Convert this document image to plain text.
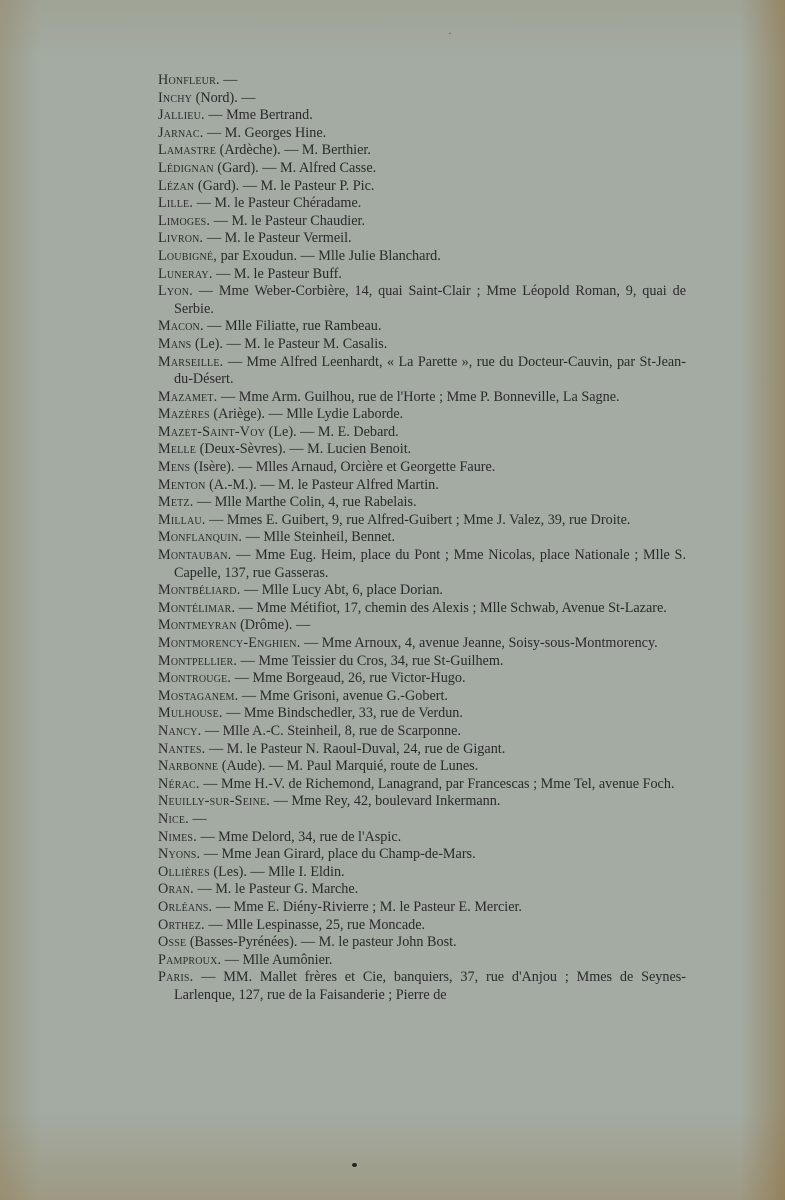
·

Honfleur. —

Inchy (Nord). —

Jallieu. — Mme Bertrand.

Jarnac. — M. Georges Hine.

Lamastre (Ardèche). — M. Berthier.

Lédignan (Gard). — M. Alfred Casse.

Lézan (Gard). — M. le Pasteur P. Pic.

Lille. — M. le Pasteur Chéradame.

Limoges. — M. le Pasteur Chaudier.

Livron. — M. le Pasteur Vermeil.

Loubigné, par Exoudun. — Mlle Julie Blanchard.

Luneray. — M. le Pasteur Buff.

Lyon. — Mme Weber-Corbière, 14, quai Saint-Clair ; Mme Léopold Roman, 9, quai de Serbie.

Macon. — Mlle Filiatte, rue Rambeau.

Mans (Le). — M. le Pasteur M. Casalis.

Marseille. — Mme Alfred Leenhardt, « La Parette », rue du Docteur-Cauvin, par St-Jean-du-Désert.

Mazamet. — Mme Arm. Guilhou, rue de l'Horte ; Mme P. Bonneville, La Sagne.

Mazères (Ariège). — Mlle Lydie Laborde.

Mazet-Saint-Voy (Le). — M. E. Debard.

Melle (Deux-Sèvres). — M. Lucien Benoit.

Mens (Isère). — Mlles Arnaud, Orcière et Georgette Faure.

Menton (A.-M.). — M. le Pasteur Alfred Martin.

Metz. — Mlle Marthe Colin, 4, rue Rabelais.

Millau. — Mmes E. Guibert, 9, rue Alfred-Guibert ; Mme J. Valez, 39, rue Droite.

Monflanquin. — Mlle Steinheil, Bennet.

Montauban. — Mme Eug. Heim, place du Pont ; Mme Nicolas, place Nationale ; Mlle S. Capelle, 137, rue Gasseras.

Montbéliard. — Mlle Lucy Abt, 6, place Dorian.

Montélimar. — Mme Métifiot, 17, chemin des Alexis ; Mlle Schwab, Avenue St-Lazare.

Montmeyran (Drôme). —

Montmorency-Enghien. — Mme Arnoux, 4, avenue Jeanne, Soisy-sous-Montmorency.

Montpellier. — Mme Teissier du Cros, 34, rue St-Guilhem.

Montrouge. — Mme Borgeaud, 26, rue Victor-Hugo.

Mostaganem. — Mme Grisoni, avenue G.-Gobert.

Mulhouse. — Mme Bindschedler, 33, rue de Verdun.

Nancy. — Mlle A.-C. Steinheil, 8, rue de Scarponne.

Nantes. — M. le Pasteur N. Raoul-Duval, 24, rue de Gigant.

Narbonne (Aude). — M. Paul Marquié, route de Lunes.

Nérac. — Mme H.-V. de Richemond, Lanagrand, par Francescas ; Mme Tel, avenue Foch.

Neuilly-sur-Seine. — Mme Rey, 42, boulevard Inkermann.

Nice. —

Nimes. — Mme Delord, 34, rue de l'Aspic.

Nyons. — Mme Jean Girard, place du Champ-de-Mars.

Ollières (Les). — Mlle I. Eldin.

Oran. — M. le Pasteur G. Marche.

Orléans. — Mme E. Diény-Rivierre ; M. le Pasteur E. Mercier.

Orthez. — Mlle Lespinasse, 25, rue Moncade.

Osse (Basses-Pyrénées). — M. le pasteur John Bost.

Pamproux. — Mlle Aumônier.

Paris. — MM. Mallet frères et Cie, banquiers, 37, rue d'Anjou ; Mmes de Seynes-Larlenque, 127, rue de la Faisanderie ; Pierre de
